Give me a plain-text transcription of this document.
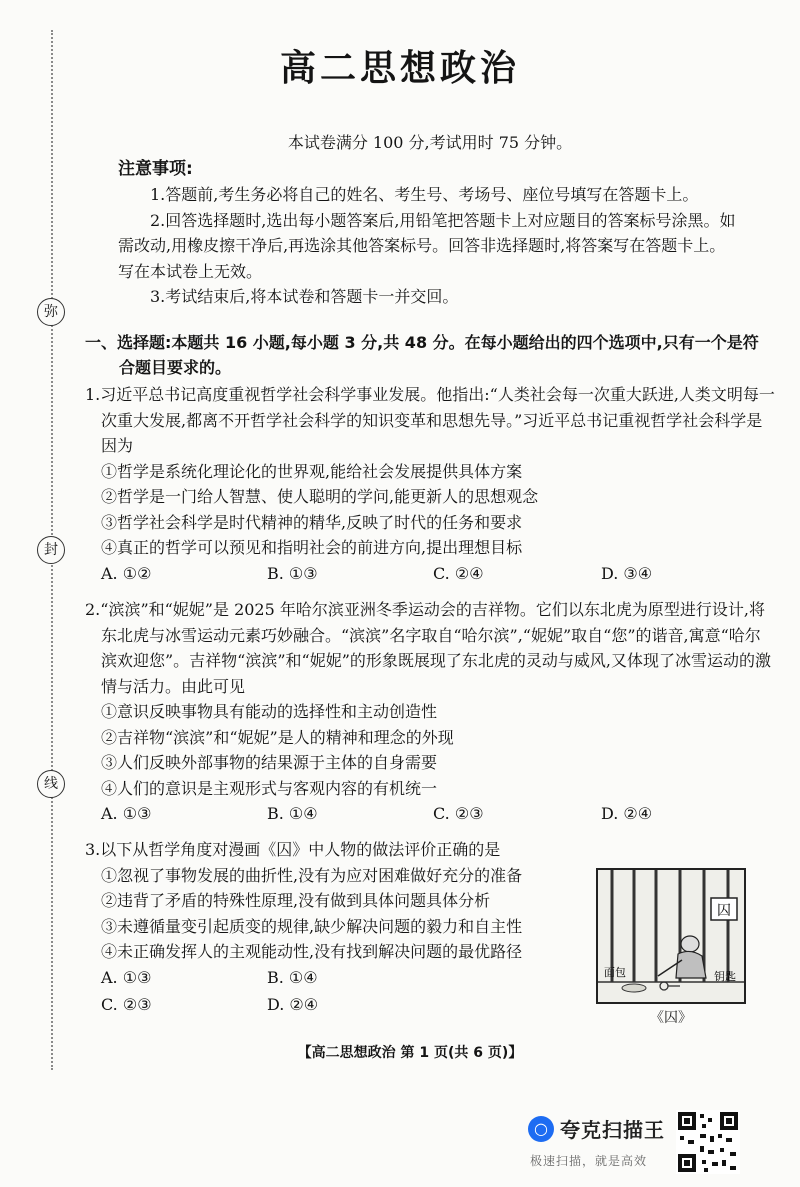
弥
封
线
高二思想政治
本试卷满分 100 分,考试用时 75 分钟。
注意事项:

1.答题前,考生务必将自己的姓名、考生号、考场号、座位号填写在答题卡上。

2.回答选择题时,选出每小题答案后,用铅笔把答题卡上对应题目的答案标号涂黑。如需改动,用橡皮擦干净后,再选涂其他答案标号。回答非选择题时,将答案写在答题卡上。写在本试卷上无效。

3.考试结束后,将本试卷和答题卡一并交回。

一、选择题:本题共 16 小题,每小题 3 分,共 48 分。在每小题给出的四个选项中,只有一个是符
合题目要求的。

1.习近平总书记高度重视哲学社会科学事业发展。他指出:“人类社会每一次重大跃进,人类文明每一次重大发展,都离不开哲学社会科学的知识变革和思想先导。”习近平总书记重视哲学社会科学是因为

①哲学是系统化理论化的世界观,能给社会发展提供具体方案

②哲学是一门给人智慧、使人聪明的学问,能更新人的思想观念

③哲学社会科学是时代精神的精华,反映了时代的任务和要求

④真正的哲学可以预见和指明社会的前进方向,提出理想目标

A. ①②	B. ①③	C. ②④	D. ③④

2.“滨滨”和“妮妮”是 2025 年哈尔滨亚洲冬季运动会的吉祥物。它们以东北虎为原型进行设计,将东北虎与冰雪运动元素巧妙融合。“滨滨”名字取自“哈尔滨”,“妮妮”取自“您”的谐音,寓意“哈尔滨欢迎您”。吉祥物“滨滨”和“妮妮”的形象既展现了东北虎的灵动与威风,又体现了冰雪运动的激情与活力。由此可见

①意识反映事物具有能动的选择性和主动创造性

②吉祥物“滨滨”和“妮妮”是人的精神和理念的外现

③人们反映外部事物的结果源于主体的自身需要

④人们的意识是主观形式与客观内容的有机统一

A. ①③	B. ①④	C. ②③	D. ②④

3.以下从哲学角度对漫画《囚》中人物的做法评价正确的是

①忽视了事物发展的曲折性,没有为应对困难做好充分的准备

②违背了矛盾的特殊性原理,没有做到具体问题具体分析

③未遵循量变引起质变的规律,缺少解决问题的毅力和自主性

④未正确发挥人的主观能动性,没有找到解决问题的最优路径

A. ①③	B. ①④
C. ②③	D. ②④
囚
面包	钥匙
《囚》
【高二思想政治 第 1 页(共 6 页)】
○ 夸克扫描王
极速扫描，就是高效
